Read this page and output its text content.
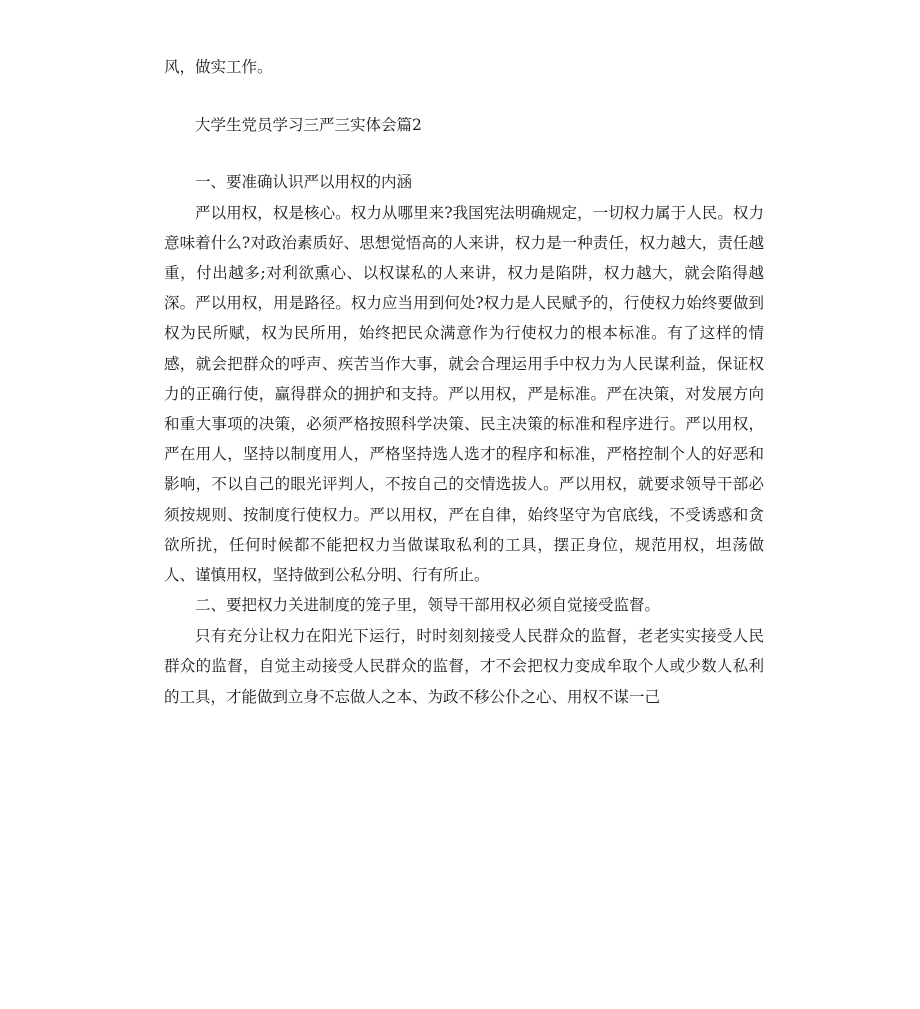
风，做实工作。

大学生党员学习三严三实体会篇2

一、要准确认识严以用权的内涵

严以用权，权是核心。权力从哪里来?我国宪法明确规定，一切权力属于人民。权力意味着什么?对政治素质好、思想觉悟高的人来讲，权力是一种责任，权力越大，责任越重，付出越多;对利欲熏心、以权谋私的人来讲，权力是陷阱，权力越大，就会陷得越深。严以用权，用是路径。权力应当用到何处?权力是人民赋予的，行使权力始终要做到权为民所赋，权为民所用，始终把民众满意作为行使权力的根本标准。有了这样的情感，就会把群众的呼声、疾苦当作大事，就会合理运用手中权力为人民谋利益，保证权力的正确行使，赢得群众的拥护和支持。严以用权，严是标准。严在决策，对发展方向和重大事项的决策，必须严格按照科学决策、民主决策的标准和程序进行。严以用权，严在用人，坚持以制度用人，严格坚持选人选才的程序和标准，严格控制个人的好恶和影响，不以自己的眼光评判人，不按自己的交情选拔人。严以用权，就要求领导干部必须按规则、按制度行使权力。严以用权，严在自律，始终坚守为官底线，不受诱惑和贪欲所扰，任何时候都不能把权力当做谋取私利的工具，摆正身位，规范用权，坦荡做人、谨慎用权，坚持做到公私分明、行有所止。

二、要把权力关进制度的笼子里，领导干部用权必须自觉接受监督。

只有充分让权力在阳光下运行，时时刻刻接受人民群众的监督，老老实实接受人民群众的监督，自觉主动接受人民群众的监督，才不会把权力变成牟取个人或少数人私利的工具，才能做到立身不忘做人之本、为政不移公仆之心、用权不谋一己
